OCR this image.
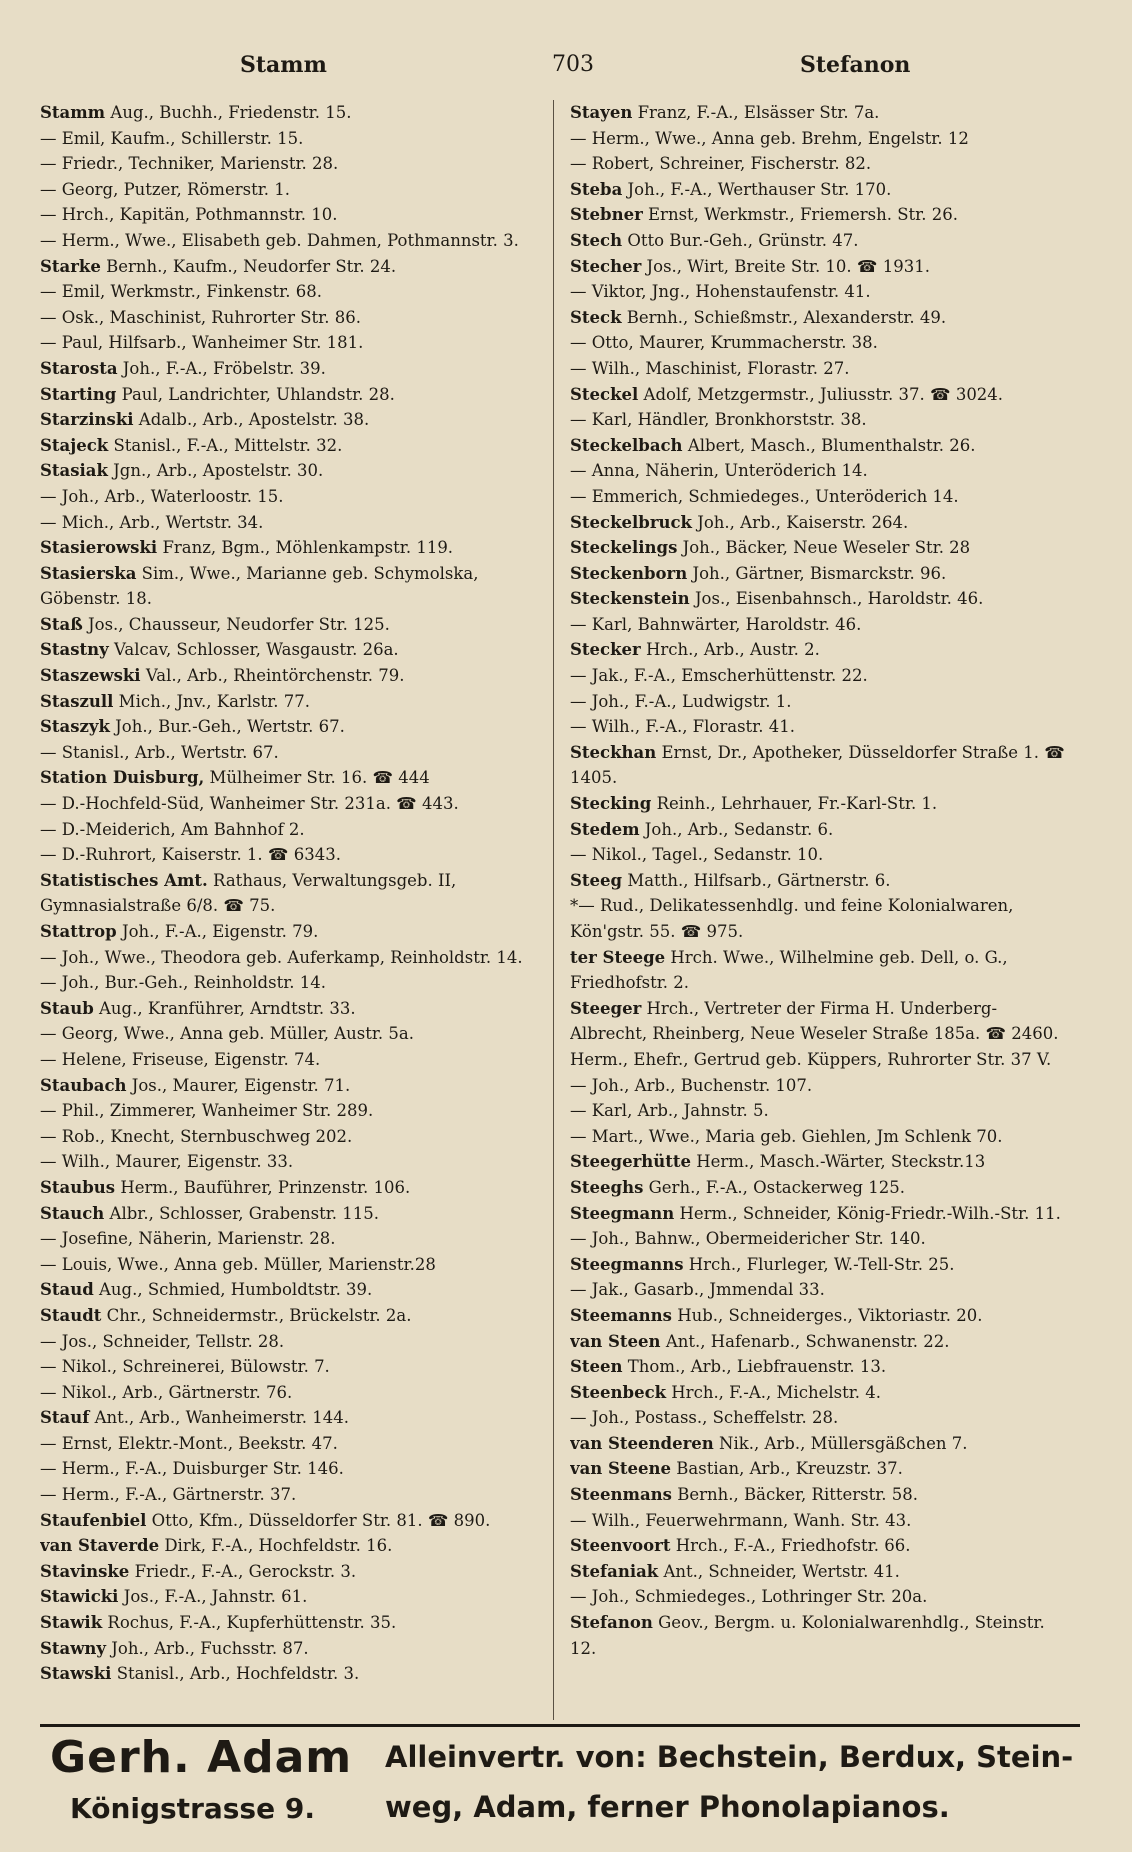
Stamm	703	Stefanon
Stamm Aug., Buchh., Friedenstr. 15.
— Emil, Kaufm., Schillerstr. 15.
— Friedr., Techniker, Marienstr. 28.
— Georg, Putzer, Römerstr. 1.
— Hrch., Kapitän, Pothmannstr. 10.
— Herm., Wwe., Elisabeth geb. Dahmen, Pothmannstr. 3.
Starke Bernh., Kaufm., Neudorfer Str. 24.
— Emil, Werkmstr., Finkenstr. 68.
— Osk., Maschinist, Ruhrorter Str. 86.
— Paul, Hilfsarb., Wanheimer Str. 181.
Starosta Joh., F.-A., Fröbelstr. 39.
Starting Paul, Landrichter, Uhlandstr. 28.
Starzinski Adalb., Arb., Apostelstr. 38.
Stajeck Stanisl., F.-A., Mittelstr. 32.
Stasiak Jgn., Arb., Apostelstr. 30.
— Joh., Arb., Waterloostr. 15.
— Mich., Arb., Wertstr. 34.
Stasierowski Franz, Bgm., Möhlenkampstr. 119.
Stasierska Sim., Wwe., Marianne geb. Schymolska, Göbenstr. 18.
Staß Jos., Chausseur, Neudorfer Str. 125.
Stastny Valcav, Schlosser, Wasgaustr. 26a.
Staszewski Val., Arb., Rheintörchenstr. 79.
Staszull Mich., Jnv., Karlstr. 77.
Staszyk Joh., Bur.-Geh., Wertstr. 67.
— Stanisl., Arb., Wertstr. 67.
Station Duisburg, Mülheimer Str. 16. ☎ 444
— D.-Hochfeld-Süd, Wanheimer Str. 231a. ☎ 443.
— D.-Meiderich, Am Bahnhof 2.
— D.-Ruhrort, Kaiserstr. 1. ☎ 6343.
Statistisches Amt. Rathaus, Verwaltungsgeb. II, Gymnasialstraße 6/8. ☎ 75.
Stattrop Joh., F.-A., Eigenstr. 79.
— Joh., Wwe., Theodora geb. Auferkamp, Reinholdstr. 14.
— Joh., Bur.-Geh., Reinholdstr. 14.
Staub Aug., Kranführer, Arndtstr. 33.
— Georg, Wwe., Anna geb. Müller, Austr. 5a.
— Helene, Friseuse, Eigenstr. 74.
Staubach Jos., Maurer, Eigenstr. 71.
— Phil., Zimmerer, Wanheimer Str. 289.
— Rob., Knecht, Sternbuschweg 202.
— Wilh., Maurer, Eigenstr. 33.
Staubus Herm., Bauführer, Prinzenstr. 106.
Stauch Albr., Schlosser, Grabenstr. 115.
— Josefine, Näherin, Marienstr. 28.
— Louis, Wwe., Anna geb. Müller, Marienstr.28
Staud Aug., Schmied, Humboldtstr. 39.
Staudt Chr., Schneidermstr., Brückelstr. 2a.
— Jos., Schneider, Tellstr. 28.
— Nikol., Schreinerei, Bülowstr. 7.
— Nikol., Arb., Gärtnerstr. 76.
Stauf Ant., Arb., Wanheimerstr. 144.
— Ernst, Elektr.-Mont., Beekstr. 47.
— Herm., F.-A., Duisburger Str. 146.
— Herm., F.-A., Gärtnerstr. 37.
Staufenbiel Otto, Kfm., Düsseldorfer Str. 81. ☎ 890.
van Staverde Dirk, F.-A., Hochfeldstr. 16.
Stavinske Friedr., F.-A., Gerockstr. 3.
Stawicki Jos., F.-A., Jahnstr. 61.
Stawik Rochus, F.-A., Kupferhüttenstr. 35.
Stawny Joh., Arb., Fuchsstr. 87.
Stawski Stanisl., Arb., Hochfeldstr. 3.
Stayen Franz, F.-A., Elsässer Str. 7a.
— Herm., Wwe., Anna geb. Brehm, Engelstr. 12
— Robert, Schreiner, Fischerstr. 82.
Steba Joh., F.-A., Werthauser Str. 170.
Stebner Ernst, Werkmstr., Friemersh. Str. 26.
Stech Otto Bur.-Geh., Grünstr. 47.
Stecher Jos., Wirt, Breite Str. 10. ☎ 1931.
— Viktor, Jng., Hohenstaufenstr. 41.
Steck Bernh., Schießmstr., Alexanderstr. 49.
— Otto, Maurer, Krummacherstr. 38.
— Wilh., Maschinist, Florastr. 27.
Steckel Adolf, Metzgermstr., Juliusstr. 37. ☎ 3024.
— Karl, Händler, Bronkhorststr. 38.
Steckelbach Albert, Masch., Blumenthalstr. 26.
— Anna, Näherin, Unteröderich 14.
— Emmerich, Schmiedeges., Unteröderich 14.
Steckelbruck Joh., Arb., Kaiserstr. 264.
Steckelings Joh., Bäcker, Neue Weseler Str. 28
Steckenborn Joh., Gärtner, Bismarckstr. 96.
Steckenstein Jos., Eisenbahnsch., Haroldstr. 46.
— Karl, Bahnwärter, Haroldstr. 46.
Stecker Hrch., Arb., Austr. 2.
— Jak., F.-A., Emscherhüttenstr. 22.
— Joh., F.-A., Ludwigstr. 1.
— Wilh., F.-A., Florastr. 41.
Steckhan Ernst, Dr., Apotheker, Düsseldorfer Straße 1. ☎ 1405.
Stecking Reinh., Lehrhauer, Fr.-Karl-Str. 1.
Stedem Joh., Arb., Sedanstr. 6.
— Nikol., Tagel., Sedanstr. 10.
Steeg Matth., Hilfsarb., Gärtnerstr. 6.
*— Rud., Delikatessenhdlg. und feine Kolonialwaren, Kön'gstr. 55. ☎ 975.
ter Steege Hrch. Wwe., Wilhelmine geb. Dell, o. G., Friedhofstr. 2.
Steeger Hrch., Vertreter der Firma H. Underberg-Albrecht, Rheinberg, Neue Weseler Straße 185a. ☎ 2460.
Herm., Ehefr., Gertrud geb. Küppers, Ruhrorter Str. 37 V.
— Joh., Arb., Buchenstr. 107.
— Karl, Arb., Jahnstr. 5.
— Mart., Wwe., Maria geb. Giehlen, Jm Schlenk 70.
Steegerhütte Herm., Masch.-Wärter, Steckstr.13
Steeghs Gerh., F.-A., Ostackerweg 125.
Steegmann Herm., Schneider, König-Friedr.-Wilh.-Str. 11.
— Joh., Bahnw., Obermeidericher Str. 140.
Steegmanns Hrch., Flurleger, W.-Tell-Str. 25.
— Jak., Gasarb., Jmmendal 33.
Steemanns Hub., Schneiderges., Viktoriastr. 20.
van Steen Ant., Hafenarb., Schwanenstr. 22.
Steen Thom., Arb., Liebfrauenstr. 13.
Steenbeck Hrch., F.-A., Michelstr. 4.
— Joh., Postass., Scheffelstr. 28.
van Steenderen Nik., Arb., Müllersgäßchen 7.
van Steene Bastian, Arb., Kreuzstr. 37.
Steenmans Bernh., Bäcker, Ritterstr. 58.
— Wilh., Feuerwehrmann, Wanh. Str. 43.
Steenvoort Hrch., F.-A., Friedhofstr. 66.
Stefaniak Ant., Schneider, Wertstr. 41.
— Joh., Schmiedeges., Lothringer Str. 20a.
Stefanon Geov., Bergm. u. Kolonialwarenhdlg., Steinstr. 12.
Gerh. Adam Alleinvertr. von: Bechstein, Berdux, Stein-
Königstrasse 9. weg, Adam, ferner Phonolapianos.
